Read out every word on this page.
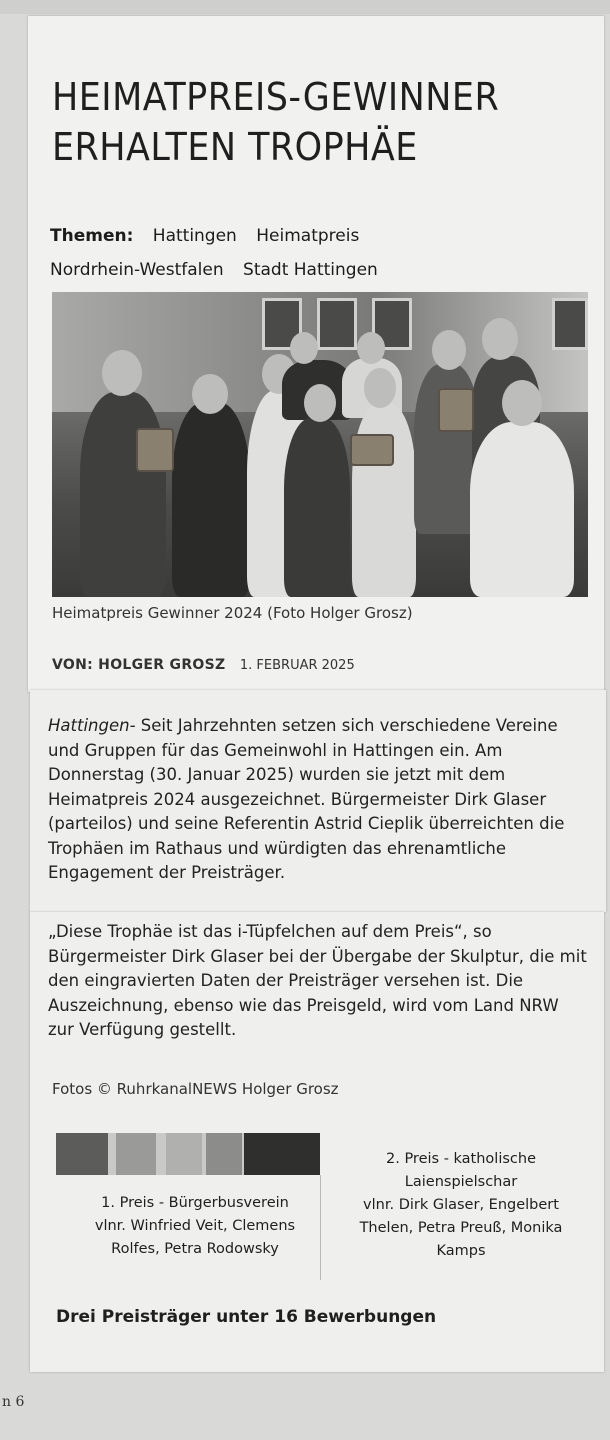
HEIMATPREIS-GEWINNER
ERHALTEN TROPHÄE
Themen: Hattingen Heimatpreis
Nordrhein-Westfalen Stadt Hattingen
Heimatpreis Gewinner 2024 (Foto Holger Grosz)
VON: HOLGER GROSZ 1. FEBRUAR 2025

Hattingen- Seit Jahrzehnten setzen sich verschiedene Vereine und Gruppen für das Gemeinwohl in Hattingen ein. Am Donnerstag (30. Januar 2025) wurden sie jetzt mit dem Heimatpreis 2024 ausgezeichnet. Bürgermeister Dirk Glaser (parteilos) und seine Referentin Astrid Cieplik überreichten die Trophäen im Rathaus und würdigten das ehrenamtliche Engagement der Preisträger.

„Diese Trophäe ist das i-Tüpfelchen auf dem Preis“, so Bürgermeister Dirk Glaser bei der Übergabe der Skulptur, die mit den eingravierten Daten der Preisträger versehen ist. Die Auszeichnung, ebenso wie das Preisgeld, wird vom Land NRW zur Verfügung gestellt.

Fotos © RuhrkanalNEWS Holger Grosz
1. Preis - Bürgerbusverein
vlnr. Winfried Veit, Clemens
Rolfes, Petra Rodowsky
2. Preis - katholische
Laienspielschar
vlnr. Dirk Glaser, Engelbert
Thelen, Petra Preuß, Monika
Kamps
Drei Preisträger unter 16 Bewerbungen
n 6
